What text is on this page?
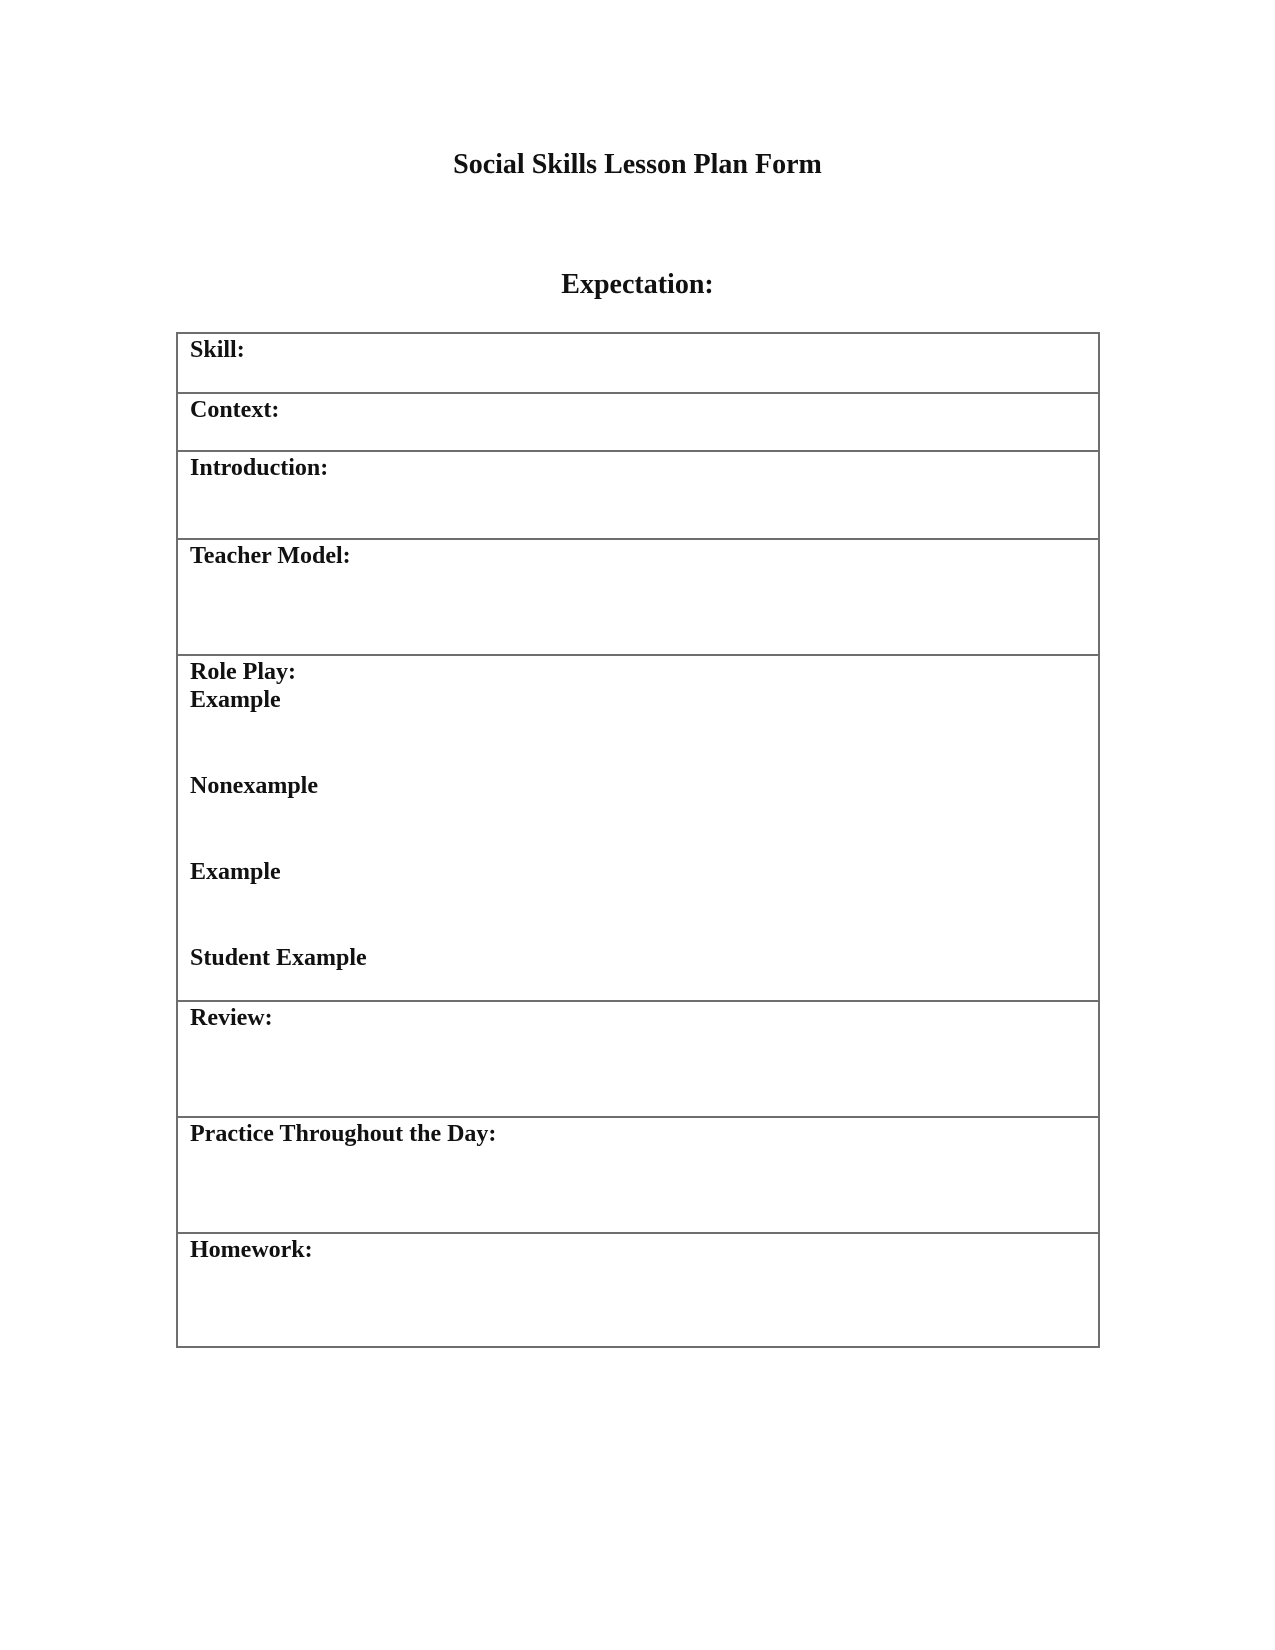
Social Skills Lesson Plan Form
Expectation:
Skill:
Context:
Introduction:
Teacher Model:
Role Play:
Example
Nonexample
Example
Student Example
Review:
Practice Throughout the Day:
Homework:
